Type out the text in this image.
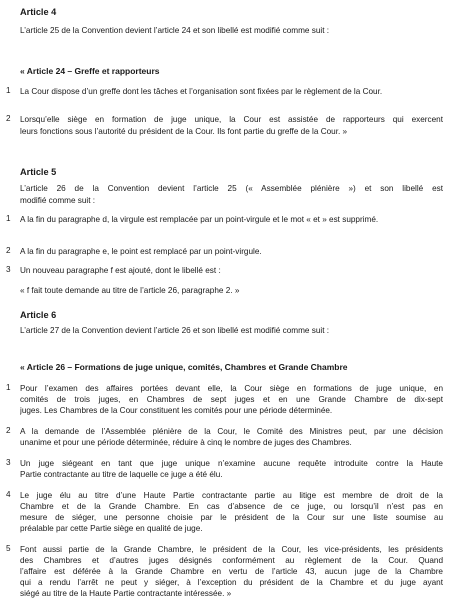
Article 4
L’article 25 de la Convention devient l’article 24 et son libellé est modifié comme suit :
« Article 24 – Greffe et rapporteurs
1 La Cour dispose d’un greffe dont les tâches et l’organisation sont fixées par le règlement de la Cour.
2 Lorsqu’elle siège en formation de juge unique, la Cour est assistée de rapporteurs qui exercent
leurs fonctions sous l’autorité du président de la Cour. Ils font partie du greffe de la Cour. »
Article 5
L’article 26 de la Convention devient l’article 25 (« Assemblée plénière ») et son libellé est
modifié comme suit :
1 A la fin du paragraphe d, la virgule est remplacée par un point-virgule et le mot « et » est supprimé.
2 A la fin du paragraphe e, le point est remplacé par un point-virgule.
3 Un nouveau paragraphe f est ajouté, dont le libellé est :
« f fait toute demande au titre de l’article 26, paragraphe 2. »
Article 6
L’article 27 de la Convention devient l’article 26 et son libellé est modifié comme suit :
« Article 26 – Formations de juge unique, comités, Chambres et Grande Chambre
1 Pour l’examen des affaires portées devant elle, la Cour siège en formations de juge unique, en
comités de trois juges, en Chambres de sept juges et en une Grande Chambre de dix-sept
juges. Les Chambres de la Cour constituent les comités pour une période déterminée.
2 A la demande de l’Assemblée plénière de la Cour, le Comité des Ministres peut, par une décision
unanime et pour une période déterminée, réduire à cinq le nombre de juges des Chambres.
3 Un juge siégeant en tant que juge unique n’examine aucune requête introduite contre la Haute
Partie contractante au titre de laquelle ce juge a été élu.
4 Le juge élu au titre d’une Haute Partie contractante partie au litige est membre de droit de la
Chambre et de la Grande Chambre. En cas d’absence de ce juge, ou lorsqu’il n’est pas en
mesure de siéger, une personne choisie par le président de la Cour sur une liste soumise au
préalable par cette Partie siège en qualité de juge.
5 Font aussi partie de la Grande Chambre, le président de la Cour, les vice-présidents, les présidents
des Chambres et d’autres juges désignés conformément au règlement de la Cour. Quand
l’affaire est déférée à la Grande Chambre en vertu de l’article 43, aucun juge de la Chambre
qui a rendu l’arrêt ne peut y siéger, à l’exception du président de la Chambre et du juge ayant
siégé au titre de la Haute Partie contractante intéressée. »
